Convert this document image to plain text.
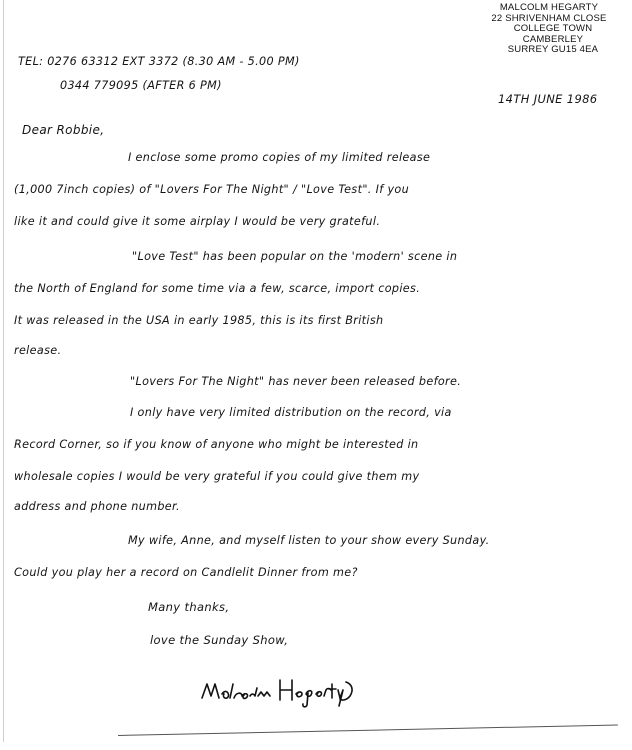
MALCOLM HEGARTY
22 SHRIVENHAM CLOSE
COLLEGE TOWN
CAMBERLEY
SURREY GU15 4EA
TEL: 0276 63312 EXT 3372 (8.30 AM - 5.00 PM)
0344 779095 (AFTER 6 PM)
14TH JUNE 1986
Dear Robbie,
I enclose some promo copies of my limited release
(1,000 7inch copies) of "Lovers For The Night" / "Love Test". If you
like it and could give it some airplay I would be very grateful.
"Love Test" has been popular on the 'modern' scene in
the North of England for some time via a few, scarce, import copies.
It was released in the USA in early 1985, this is its first British
release.
"Lovers For The Night" has never been released before.
I only have very limited distribution on the record, via
Record Corner, so if you know of anyone who might be interested in
wholesale copies I would be very grateful if you could give them my
address and phone number.
My wife, Anne, and myself listen to your show every Sunday.
Could you play her a record on Candlelit Dinner from me?
Many thanks,
love the Sunday Show,
